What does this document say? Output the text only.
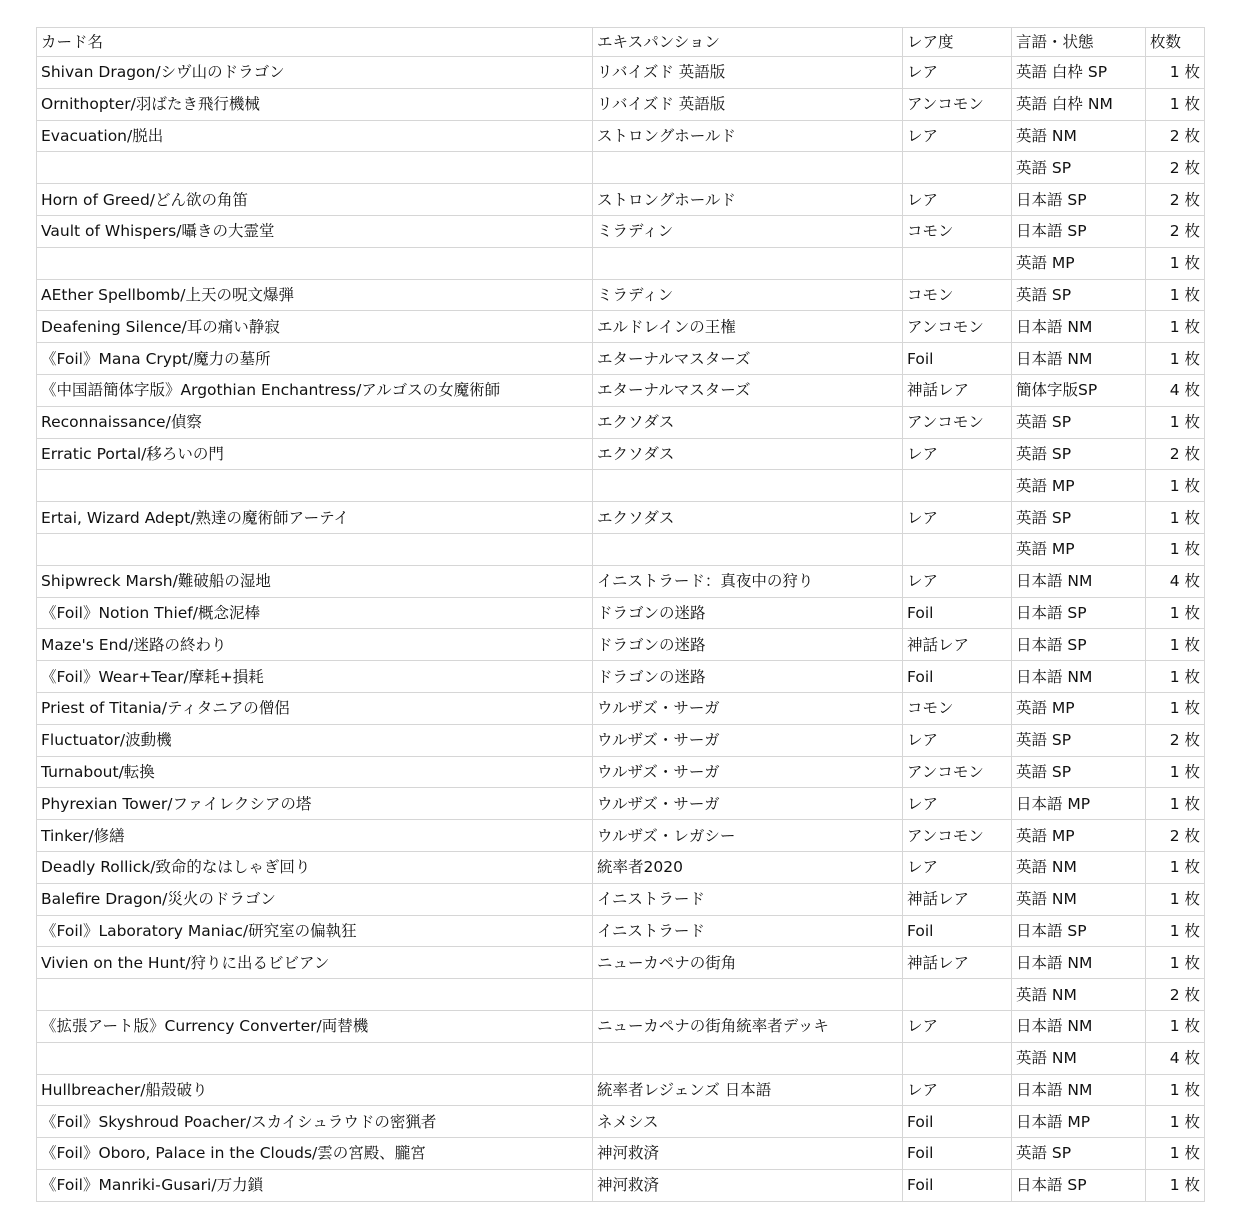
カード名	エキスパンション	レア度	言語・状態	枚数
Shivan Dragon/シヴ山のドラゴン	リバイズド 英語版	レア	英語 白枠 SP	1 枚
Ornithopter/羽ばたき飛行機械	リバイズド 英語版	アンコモン	英語 白枠 NM	1 枚
Evacuation/脱出	ストロングホールド	レア	英語 NM	2 枚
			英語 SP	2 枚
Horn of Greed/どん欲の角笛	ストロングホールド	レア	日本語 SP	2 枚
Vault of Whispers/囁きの大霊堂	ミラディン	コモン	日本語 SP	2 枚
			英語 MP	1 枚
AEther Spellbomb/上天の呪文爆弾	ミラディン	コモン	英語 SP	1 枚
Deafening Silence/耳の痛い静寂	エルドレインの王権	アンコモン	日本語 NM	1 枚
《Foil》Mana Crypt/魔力の墓所	エターナルマスターズ	Foil	日本語 NM	1 枚
《中国語簡体字版》Argothian Enchantress/アルゴスの女魔術師	エターナルマスターズ	神話レア	簡体字版SP	4 枚
Reconnaissance/偵察	エクソダス	アンコモン	英語 SP	1 枚
Erratic Portal/移ろいの門	エクソダス	レア	英語 SP	2 枚
			英語 MP	1 枚
Ertai, Wizard Adept/熟達の魔術師アーテイ	エクソダス	レア	英語 SP	1 枚
			英語 MP	1 枚
Shipwreck Marsh/難破船の湿地	イニストラード：真夜中の狩り	レア	日本語 NM	4 枚
《Foil》Notion Thief/概念泥棒	ドラゴンの迷路	Foil	日本語 SP	1 枚
Maze's End/迷路の終わり	ドラゴンの迷路	神話レア	日本語 SP	1 枚
《Foil》Wear+Tear/摩耗+損耗	ドラゴンの迷路	Foil	日本語 NM	1 枚
Priest of Titania/ティタニアの僧侶	ウルザズ・サーガ	コモン	英語 MP	1 枚
Fluctuator/波動機	ウルザズ・サーガ	レア	英語 SP	2 枚
Turnabout/転換	ウルザズ・サーガ	アンコモン	英語 SP	1 枚
Phyrexian Tower/ファイレクシアの塔	ウルザズ・サーガ	レア	日本語 MP	1 枚
Tinker/修繕	ウルザズ・レガシー	アンコモン	英語 MP	2 枚
Deadly Rollick/致命的なはしゃぎ回り	統率者2020	レア	英語 NM	1 枚
Balefire Dragon/災火のドラゴン	イニストラード	神話レア	英語 NM	1 枚
《Foil》Laboratory Maniac/研究室の偏執狂	イニストラード	Foil	日本語 SP	1 枚
Vivien on the Hunt/狩りに出るビビアン	ニューカペナの街角	神話レア	日本語 NM	1 枚
			英語 NM	2 枚
《拡張アート版》Currency Converter/両替機	ニューカペナの街角統率者デッキ	レア	日本語 NM	1 枚
			英語 NM	4 枚
Hullbreacher/船殻破り	統率者レジェンズ 日本語	レア	日本語 NM	1 枚
《Foil》Skyshroud Poacher/スカイシュラウドの密猟者	ネメシス	Foil	日本語 MP	1 枚
《Foil》Oboro, Palace in the Clouds/雲の宮殿、朧宮	神河救済	Foil	英語 SP	1 枚
《Foil》Manriki-Gusari/万力鎖	神河救済	Foil	日本語 SP	1 枚
